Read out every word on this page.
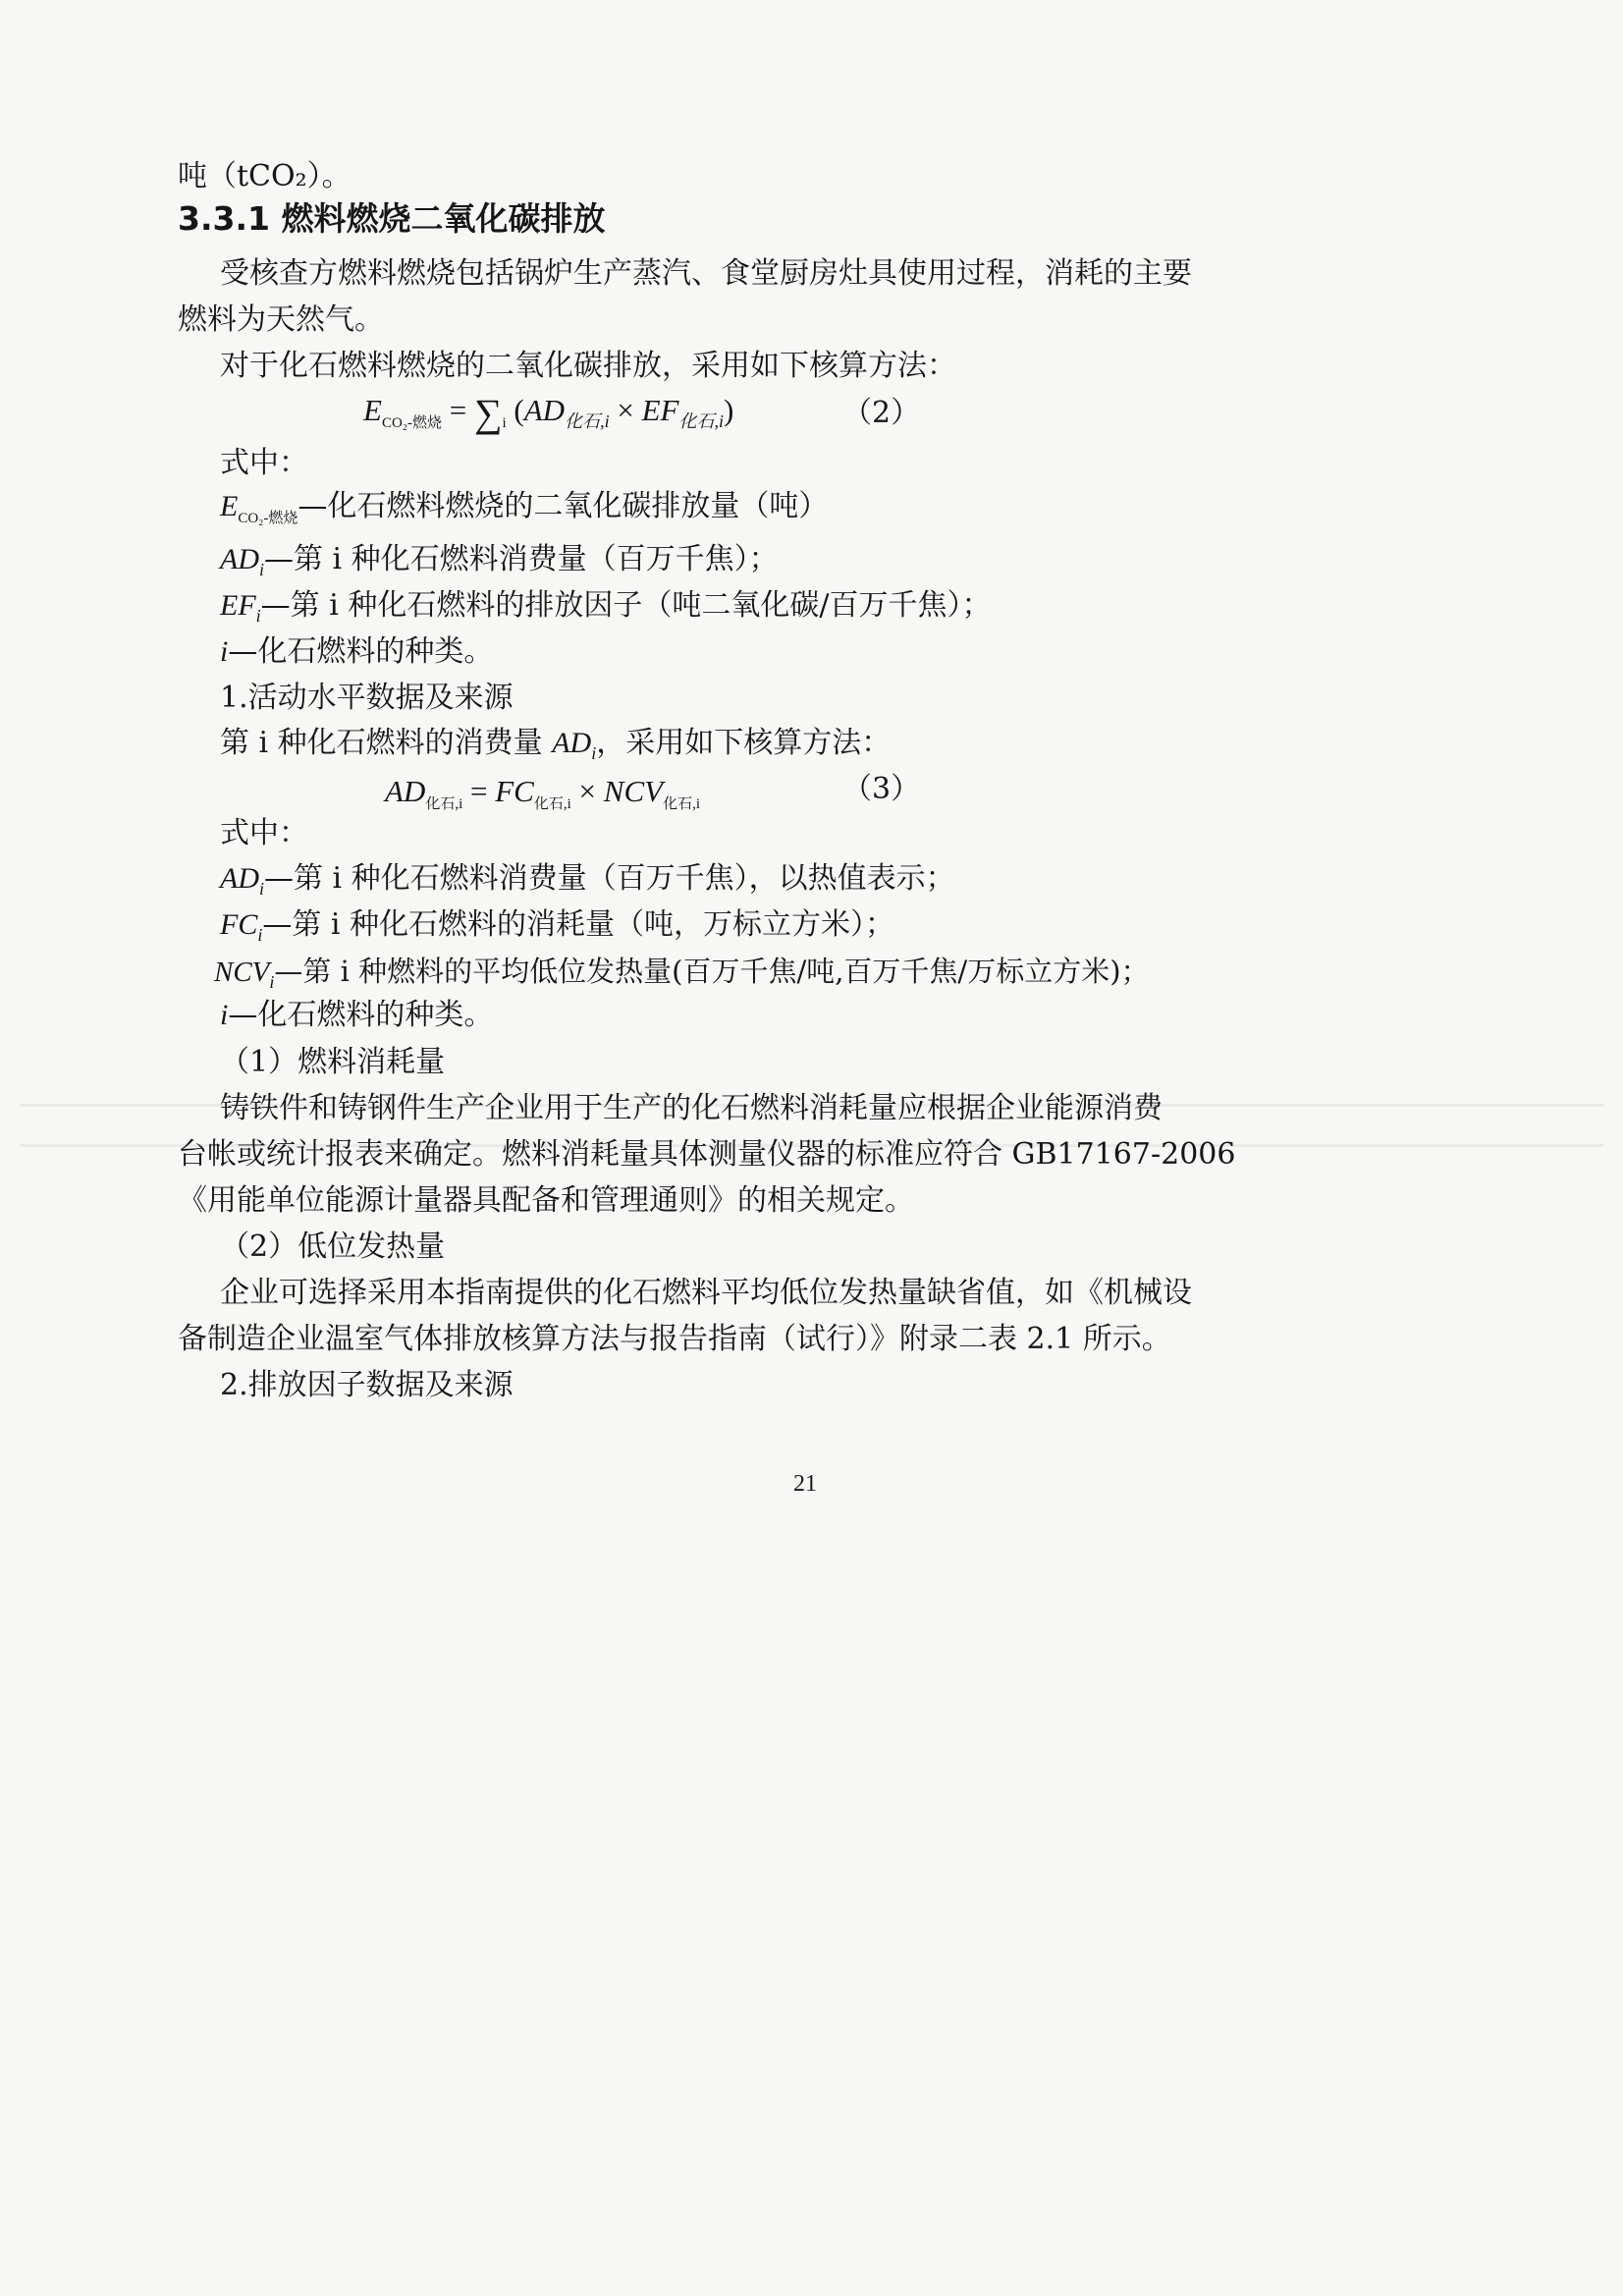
吨（tCO₂）。
3.3.1 燃料燃烧二氧化碳排放
受核查方燃料燃烧包括锅炉生产蒸汽、食堂厨房灶具使用过程，消耗的主要
燃料为天然气。
对于化石燃料燃烧的二氧化碳排放，采用如下核算方法：
$E_{CO_2-燃烧} = \sum_i$ $(AD_{化石,i} \times EF_{化石,i})$	（2）
式中：
$E_{CO_2-燃烧}—$化石燃料燃烧的二氧化碳排放量（吨）
$AD_i—$第 i 种化石燃料消费量（百万千焦）；
$EF_i—$第 i 种化石燃料的排放因子（吨二氧化碳/百万千焦）；
i—化石燃料的种类。
1.活动水平数据及来源
第 i 种化石燃料的消费量 $AD_i$，采用如下核算方法：
$AD_{化石,i} = FC_{化石,i} \times NCV_{化石,i}$	（3）
式中：
$AD_i—$第 i 种化石燃料消费量（百万千焦），以热值表示；
$FC_i—$第 i 种化石燃料的消耗量（吨，万标立方米）；
$NCV_i—$第 i 种燃料的平均低位发热量(百万千焦/吨,百万千焦/万标立方米)；
i—化石燃料的种类。
（1）燃料消耗量
铸铁件和铸钢件生产企业用于生产的化石燃料消耗量应根据企业能源消费
台帐或统计报表来确定。燃料消耗量具体测量仪器的标准应符合 GB17167-2006
《用能单位能源计量器具配备和管理通则》的相关规定。
（2）低位发热量
企业可选择采用本指南提供的化石燃料平均低位发热量缺省值，如《机械设
备制造企业温室气体排放核算方法与报告指南（试行）》附录二表 2.1 所示。
2.排放因子数据及来源
21
